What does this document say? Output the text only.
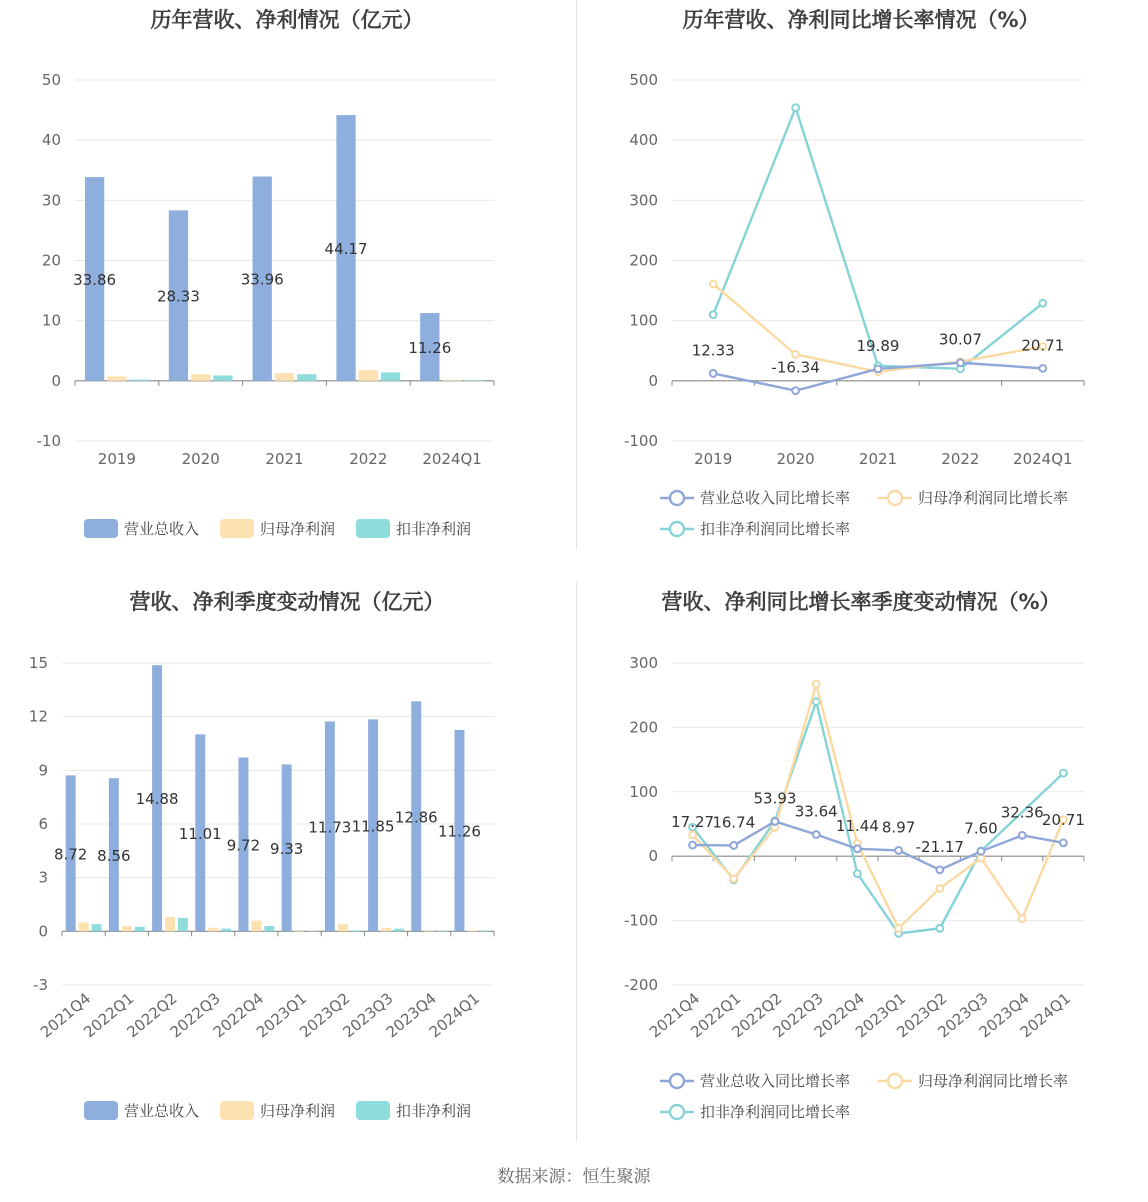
历年营收、净利情况（亿元）
-10
0
10
20
30
40
50
2019	2020	2021	2022 2024Q1
33.86
28.33
33.96
44.17
11.26
营业总收入	归母净利润	扣非净利润
历年营收、净利同比增长率情况（%）
-100
0
100
200
300
400
500
2019	2020	2021	2022 2024Q1
12.33
-16.34
19.89	30.07	20.71
营业总收入同比增长率	归母净利润同比增长率
扣非净利润同比增长率
营收、净利季度变动情况（亿元）
-3
0
3
6
9
12
15
2021Q4
2022Q1
2022Q2
2022Q3
2022Q4
2023Q1
2023Q2
2023Q3
2023Q4
2024Q1
8.72 8.56
14.88
11.01
9.72 9.33
11.73 11.85
12.86
11.26
营业总收入	归母净利润	扣非净利润
营收、净利同比增长率季度变动情况（%）
-200
-100
0
100
200
300
2021Q4
2022Q1
2022Q2
2022Q3
2022Q4
2023Q1
2023Q2
2023Q3
2023Q4
2024Q1
17.27
16.74
53.93
33.64
11.44 8.97
-21.17
7.60
32.36
20.71
营业总收入同比增长率	归母净利润同比增长率
扣非净利润同比增长率
数据来源：恒生聚源
